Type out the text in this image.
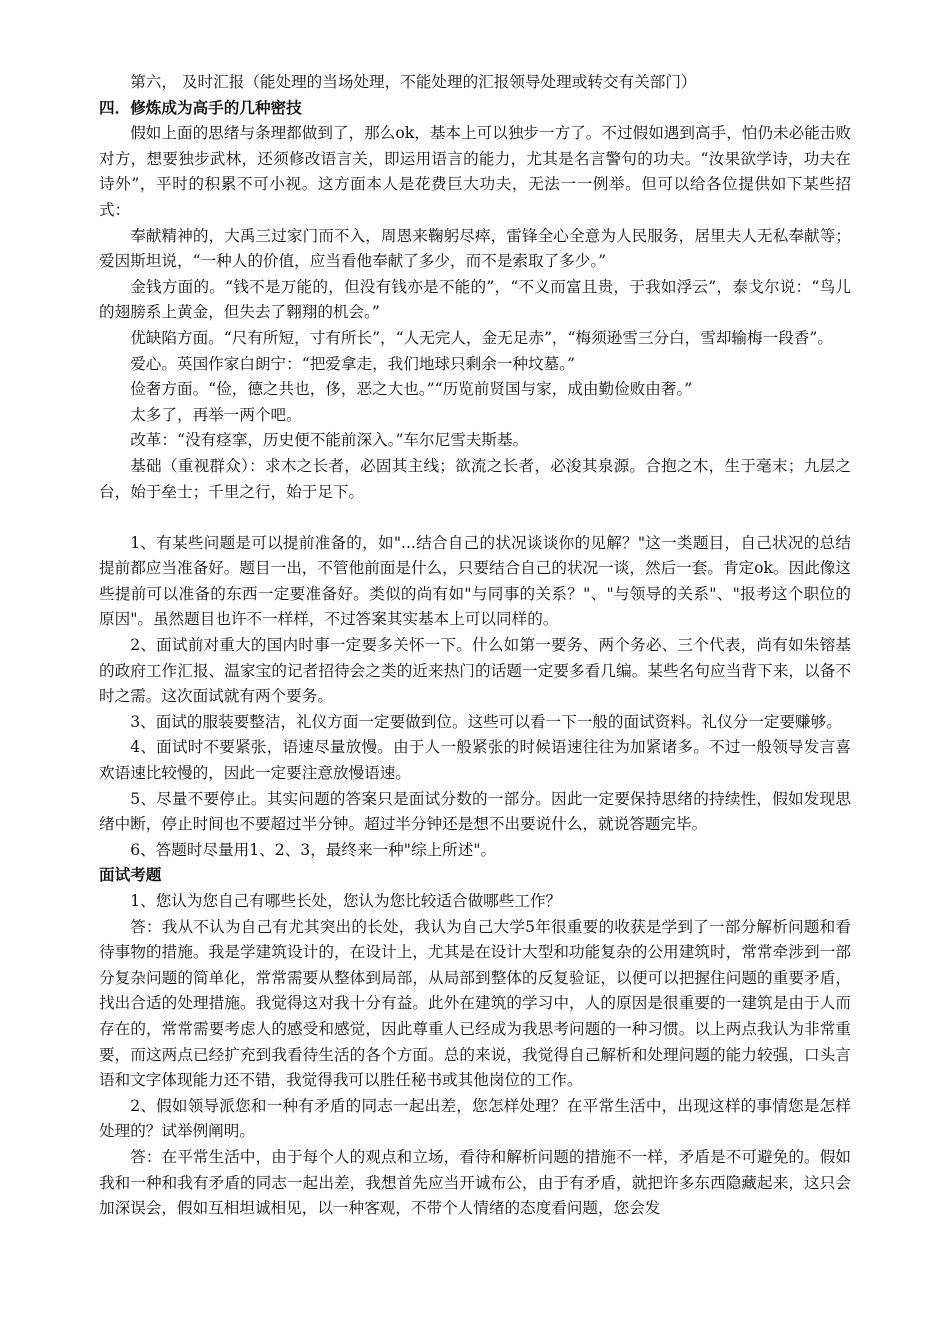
第六， 及时汇报（能处理的当场处理，不能处理的汇报领导处理或转交有关部门）

四．修炼成为高手的几种密技

假如上面的思绪与条理都做到了，那么ok，基本上可以独步一方了。不过假如遇到高手，怕仍未必能击败对方，想要独步武林，还须修改语言关，即运用语言的能力，尤其是名言警句的功夫。“汝果欲学诗，功夫在诗外”，平时的积累不可小视。这方面本人是花费巨大功夫，无法一一例举。但可以给各位提供如下某些招式：

奉献精神的，大禹三过家门而不入，周恩来鞠躬尽瘁，雷锋全心全意为人民服务，居里夫人无私奉献等；爱因斯坦说，“一种人的价值，应当看他奉献了多少，而不是索取了多少。”

金钱方面的。“钱不是万能的，但没有钱亦是不能的”，“不义而富且贵，于我如浮云”，泰戈尔说：“鸟儿的翅膀系上黄金，但失去了翱翔的机会。”

优缺陷方面。“尺有所短，寸有所长”，“人无完人，金无足赤”，“梅须逊雪三分白，雪却输梅一段香”。

爱心。英国作家白朗宁：“把爱拿走，我们地球只剩余一种坟墓。”

俭奢方面。“俭，德之共也，侈，恶之大也。”“历览前贤国与家，成由勤俭败由奢。”

太多了，再举一两个吧。

改革：“没有痉挛，历史便不能前深入。”车尔尼雪夫斯基。

基础（重视群众）：求木之长者，必固其主线；欲流之长者，必浚其泉源。合抱之木，生于毫末；九层之台，始于垒士；千里之行，始于足下。

1、有某些问题是可以提前准备的，如"...结合自己的状况谈谈你的见解？"这一类题目，自己状况的总结提前都应当准备好。题目一出，不管他前面是什么，只要结合自己的状况一谈，然后一套。肯定ok。因此像这些提前可以准备的东西一定要准备好。类似的尚有如"与同事的关系？"、"与领导的关系"、"报考这个职位的原因"。虽然题目也许不一样样，不过答案其实基本上可以同样的。

2、面试前对重大的国内时事一定要多关怀一下。什么如第一要务、两个务必、三个代表，尚有如朱镕基的政府工作汇报、温家宝的记者招待会之类的近来热门的话题一定要多看几编。某些名句应当背下来，以备不时之需。这次面试就有两个要务。

3、面试的服装要整洁，礼仪方面一定要做到位。这些可以看一下一般的面试资料。礼仪分一定要赚够。

4、面试时不要紧张，语速尽量放慢。由于人一般紧张的时候语速往往为加紧诸多。不过一般领导发言喜欢语速比较慢的，因此一定要注意放慢语速。

5、尽量不要停止。其实问题的答案只是面试分数的一部分。因此一定要保持思绪的持续性，假如发现思绪中断，停止时间也不要超过半分钟。超过半分钟还是想不出要说什么，就说答题完毕。

6、答题时尽量用1、2、3，最终来一种"综上所述"。

面试考题

1、您认为您自己有哪些长处，您认为您比较适合做哪些工作？

答：我从不认为自己有尤其突出的长处，我认为自己大学5年很重要的收获是学到了一部分解析问题和看待事物的措施。我是学建筑设计的，在设计上，尤其是在设计大型和功能复杂的公用建筑时，常常牵涉到一部分复杂问题的简单化，常常需要从整体到局部，从局部到整体的反复验证，以便可以把握住问题的重要矛盾，找出合适的处理措施。我觉得这对我十分有益。此外在建筑的学习中，人的原因是很重要的一建筑是由于人而存在的，常常需要考虑人的感受和感觉，因此尊重人已经成为我思考问题的一种习惯。以上两点我认为非常重要，而这两点已经扩充到我看待生活的各个方面。总的来说，我觉得自己解析和处理问题的能力较强，口头言语和文字体现能力还不错，我觉得我可以胜任秘书或其他岗位的工作。

2、假如领导派您和一种有矛盾的同志一起出差，您怎样处理？在平常生活中，出现这样的事情您是怎样处理的？试举例阐明。

答：在平常生活中，由于每个人的观点和立场，看待和解析问题的措施不一样，矛盾是不可避免的。假如我和一种和我有矛盾的同志一起出差，我想首先应当开诚布公，由于有矛盾，就把许多东西隐藏起来，这只会加深误会，假如互相坦诚相见，以一种客观，不带个人情绪的态度看问题，您会发
